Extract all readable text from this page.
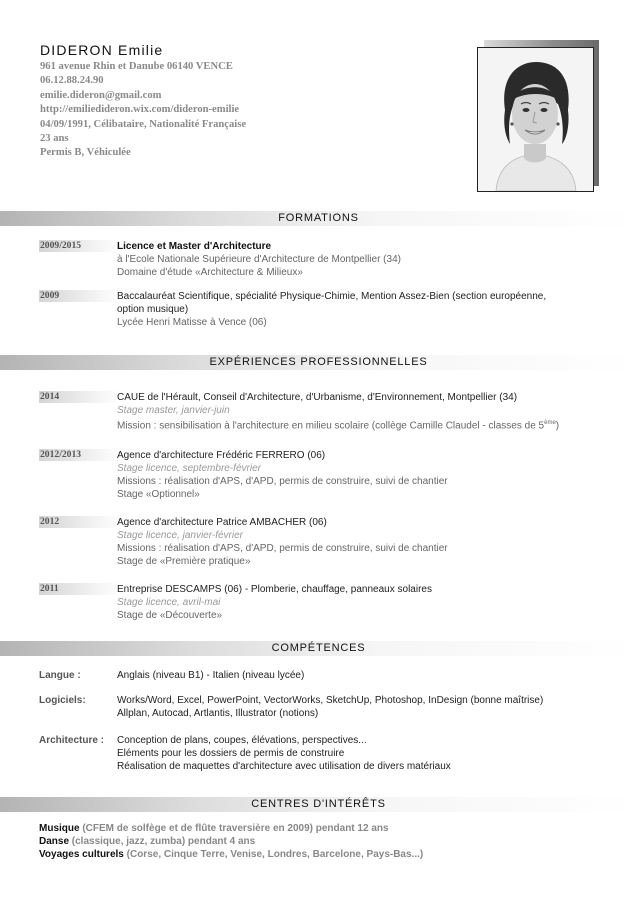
DIDERON Emilie
961 avenue Rhin et Danube 06140 VENCE
06.12.88.24.90
emilie.dideron@gmail.com
http://emiliedideron.wix.com/dideron-emilie
04/09/1991, Célibataire, Nationalité Française
23 ans
Permis B, Véhiculée
FORMATIONS
2009/2015	Licence et Master d'Architecture
à l'Ecole Nationale Supérieure d'Architecture de Montpellier (34)
Domaine d'étude «Architecture & Milieux»
2009	Baccalauréat Scientifique, spécialité Physique-Chimie, Mention Assez-Bien (section européenne,
option musique)
Lycée Henri Matisse à Vence (06)
EXPÉRIENCES PROFESSIONNELLES
2014	CAUE de l'Hérault, Conseil d'Architecture, d'Urbanisme, d'Environnement, Montpellier (34)
Stage master, janvier-juin
Mission : sensibilisation à l'architecture en milieu scolaire (collège Camille Claudel - classes de 5ème)
2012/2013	Agence d'architecture Frédéric FERRERO (06)
Stage licence, septembre-février
Missions : réalisation d'APS, d'APD, permis de construire, suivi de chantier
Stage «Optionnel»
2012	Agence d'architecture Patrice AMBACHER (06)
Stage licence, janvier-février
Missions : réalisation d'APS, d'APD, permis de construire, suivi de chantier
Stage de «Première pratique»
2011	Entreprise DESCAMPS (06) - Plomberie, chauffage, panneaux solaires
Stage licence, avril-mai
Stage de «Découverte»
COMPÉTENCES
Langue :	Anglais (niveau B1) - Italien (niveau lycée)
Logiciels:	Works/Word, Excel, PowerPoint, VectorWorks, SketchUp, Photoshop, InDesign (bonne maîtrise)
Allplan, Autocad, Artlantis, Illustrator (notions)
Architecture : Conception de plans, coupes, élévations, perspectives...
Eléments pour les dossiers de permis de construire
Réalisation de maquettes d'architecture avec utilisation de divers matériaux
CENTRES D'INTÉRÊTS
Musique (CFEM de solfège et de flûte traversière en 2009) pendant 12 ans
Danse (classique, jazz, zumba) pendant 4 ans
Voyages culturels (Corse, Cinque Terre, Venise, Londres, Barcelone, Pays-Bas...)
